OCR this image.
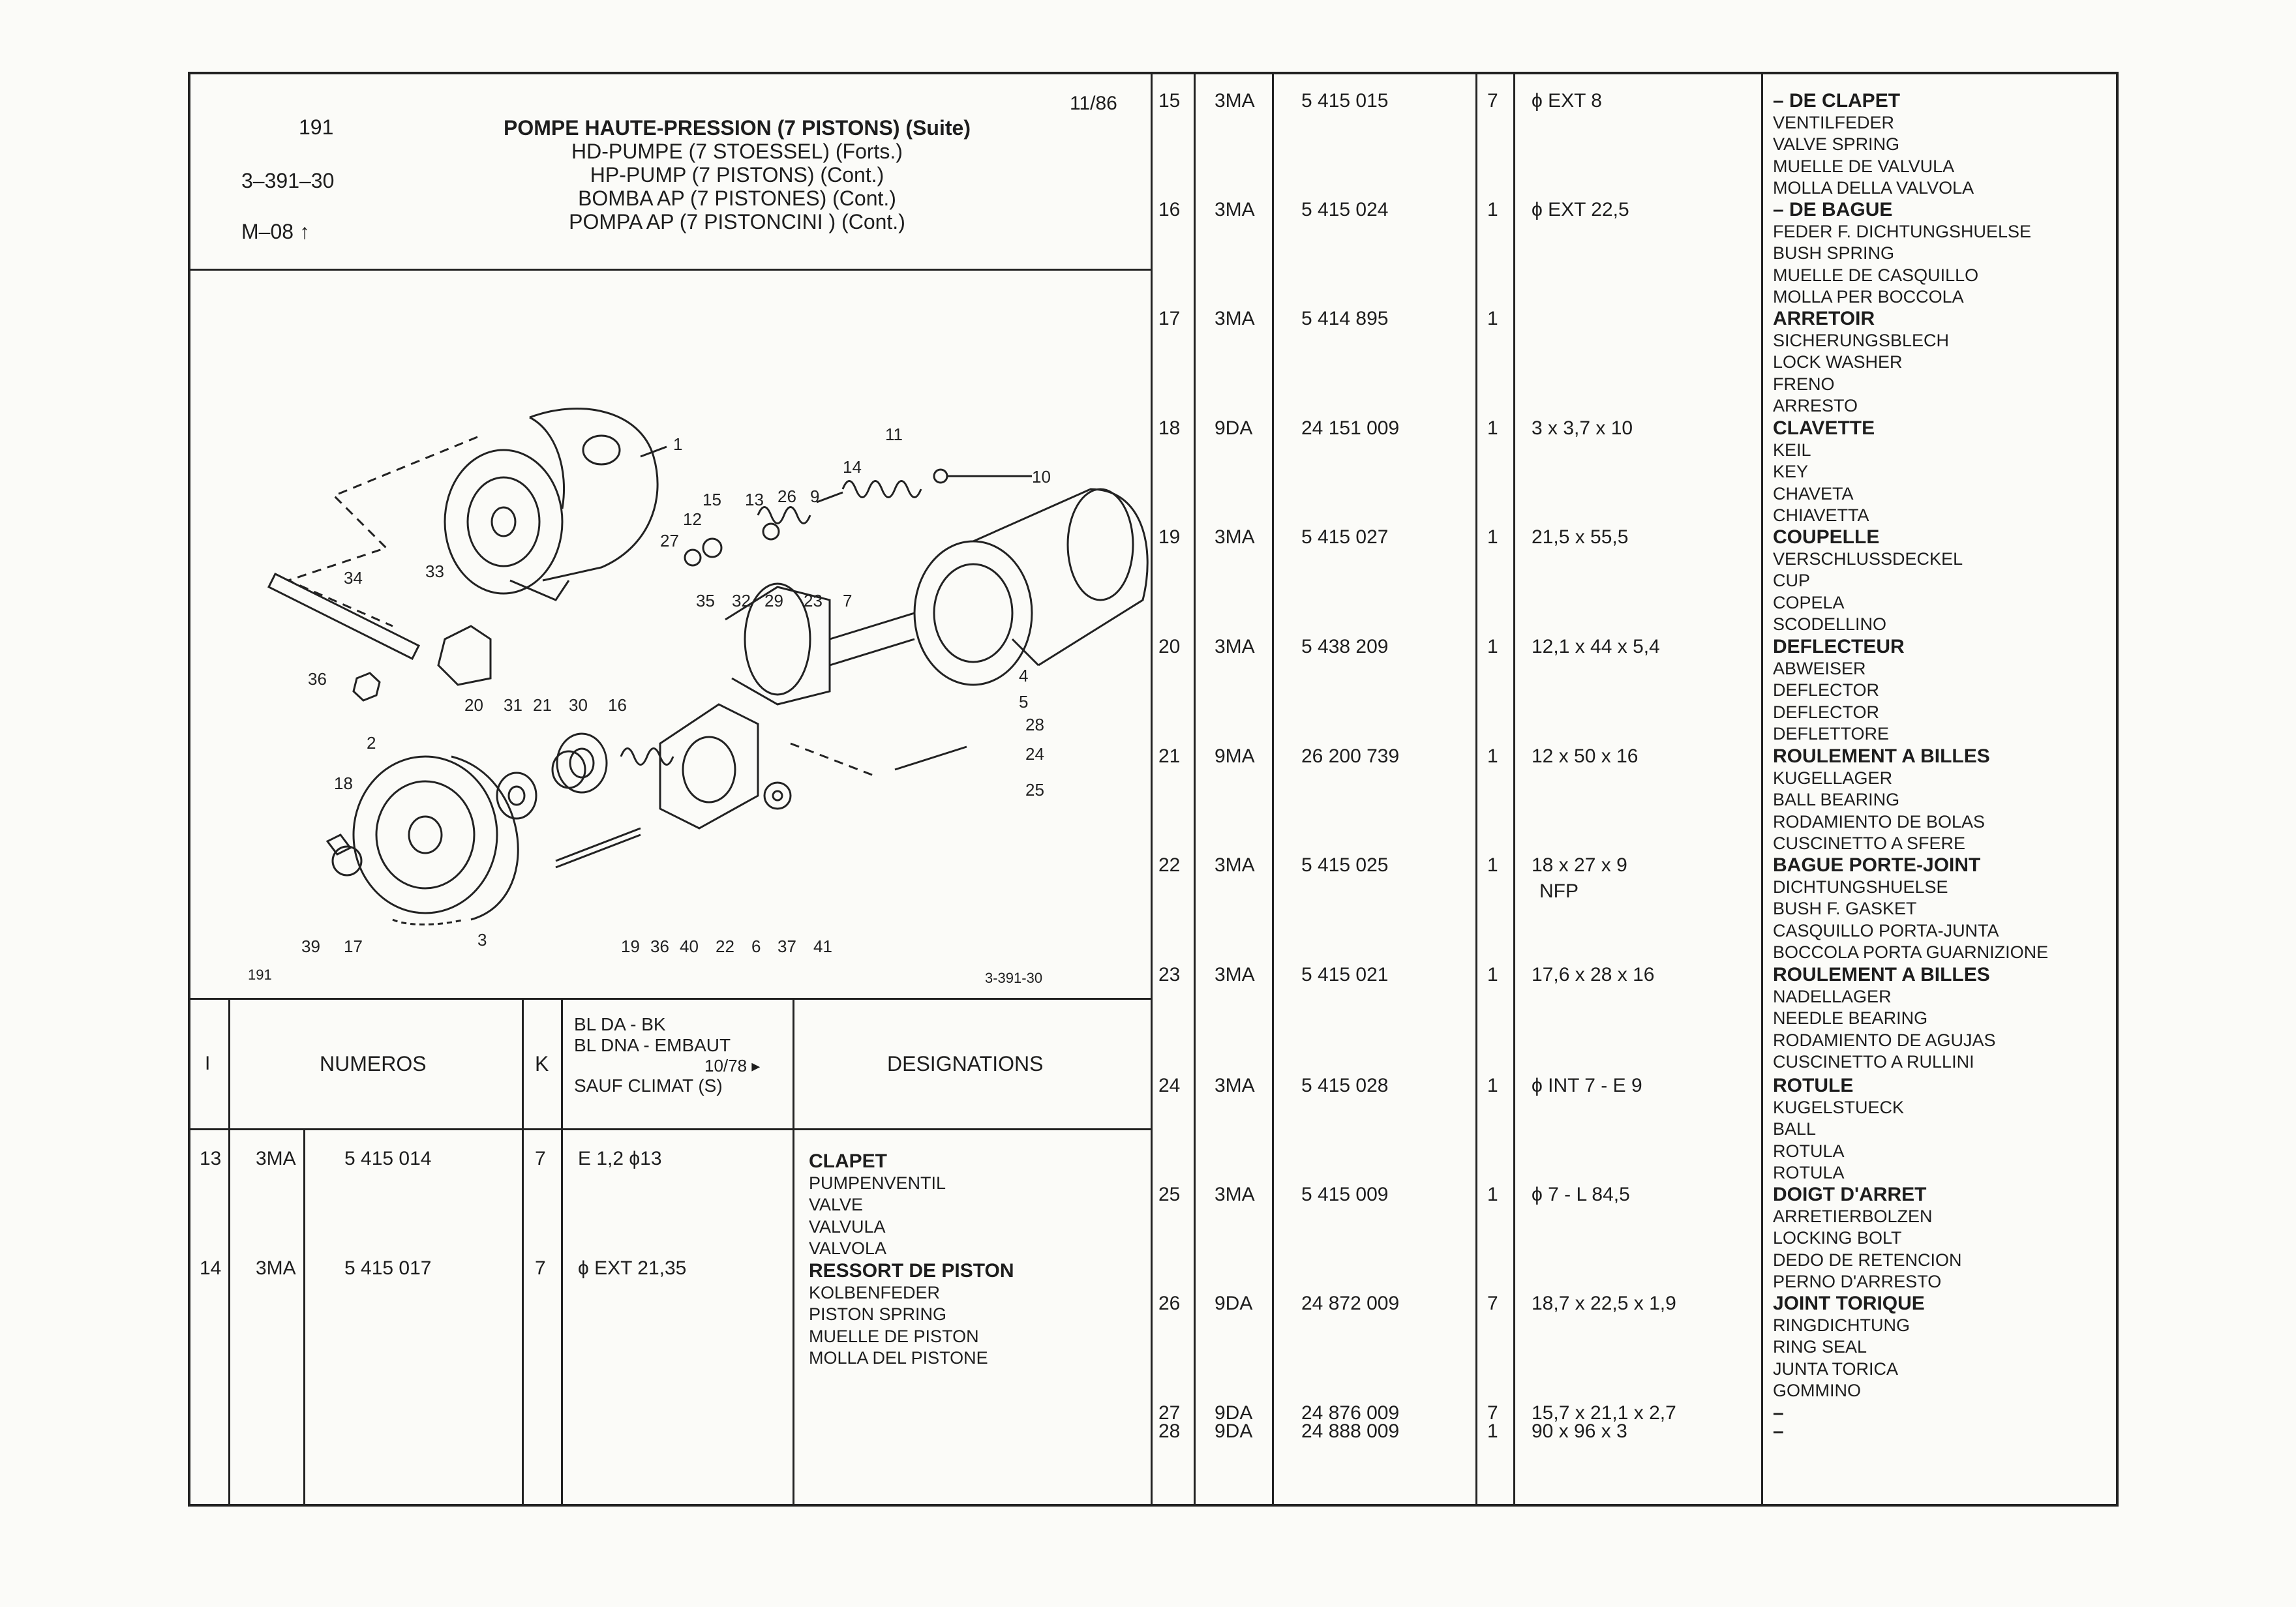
191
3–391–30
M–08 ↑
11/86
POMPE HAUTE-PRESSION (7 PISTONS) (Suite)
HD-PUMPE (7 STOESSEL) (Forts.)
HP-PUMP (7 PISTONS) (Cont.)
BOMBA AP (7 PISTONES) (Cont.)
POMPA AP (7 PISTONCINI ) (Cont.)
1
2
3
4
5
28
24
25
7
23
29
32
35
9
14
11
10
26
13
15
12
27
33
34
36
20 31 21 30 16
18
39 17	19 36 40 22 6 37 41
191	3-391-30
I	NUMEROS	K
BL DA - BK
BL DNA - EMBAUT
10/78 ▸
SAUF CLIMAT (S)
DESIGNATIONS
13 3MA 5 415 014	7 E 1,2 ϕ13	CLAPET
PUMPENVENTIL
VALVE
VALVULA
VALVOLA
14 3MA 5 415 017	7 ϕ EXT 21,35	RESSORT DE PISTON
KOLBENFEDER
PISTON SPRING
MUELLE DE PISTON
MOLLA DEL PISTONE
15 3MA 5 415 015	7 ϕ EXT 8	– DE CLAPET
VENTILFEDER
VALVE SPRING
MUELLE DE VALVULA
MOLLA DELLA VALVOLA
16 3MA 5 415 024	1 ϕ EXT 22,5	– DE BAGUE
FEDER F. DICHTUNGSHUELSE
BUSH SPRING
MUELLE DE CASQUILLO
MOLLA PER BOCCOLA
17 3MA 5 414 895	1	ARRETOIR
SICHERUNGSBLECH
LOCK WASHER
FRENO
ARRESTO
18 9DA 24 151 009	1 3 x 3,7 x 10	CLAVETTE
KEIL
KEY
CHAVETA
CHIAVETTA
19 3MA 5 415 027	1 21,5 x 55,5	COUPELLE
VERSCHLUSSDECKEL
CUP
COPELA
SCODELLINO
20 3MA 5 438 209	1 12,1 x 44 x 5,4	DEFLECTEUR
ABWEISER
DEFLECTOR
DEFLECTOR
DEFLETTORE
21 9MA 26 200 739	1 12 x 50 x 16	ROULEMENT A BILLES
KUGELLAGER
BALL BEARING
RODAMIENTO DE BOLAS
CUSCINETTO A SFERE
22 3MA 5 415 025	1 18 x 27 x 9
NFP
BAGUE PORTE-JOINT
DICHTUNGSHUELSE
BUSH F. GASKET
CASQUILLO PORTA-JUNTA
BOCCOLA PORTA GUARNIZIONE
23 3MA 5 415 021	1 17,6 x 28 x 16	ROULEMENT A BILLES
NADELLAGER
NEEDLE BEARING
RODAMIENTO DE AGUJAS
CUSCINETTO A RULLINI
24 3MA 5 415 028	1 ϕ INT 7 - E 9	ROTULE
KUGELSTUECK
BALL
ROTULA
ROTULA
25 3MA 5 415 009	1 ϕ 7 - L 84,5	DOIGT D'ARRET
ARRETIERBOLZEN
LOCKING BOLT
DEDO DE RETENCION
PERNO D'ARRESTO
26 9DA 24 872 009	7 18,7 x 22,5 x 1,9	JOINT TORIQUE
RINGDICHTUNG
RING SEAL
JUNTA TORICA
GOMMINO
27 9DA 24 876 009	7 15,7 x 21,1 x 2,7	–
28 9DA 24 888 009	1 90 x 96 x 3	–
